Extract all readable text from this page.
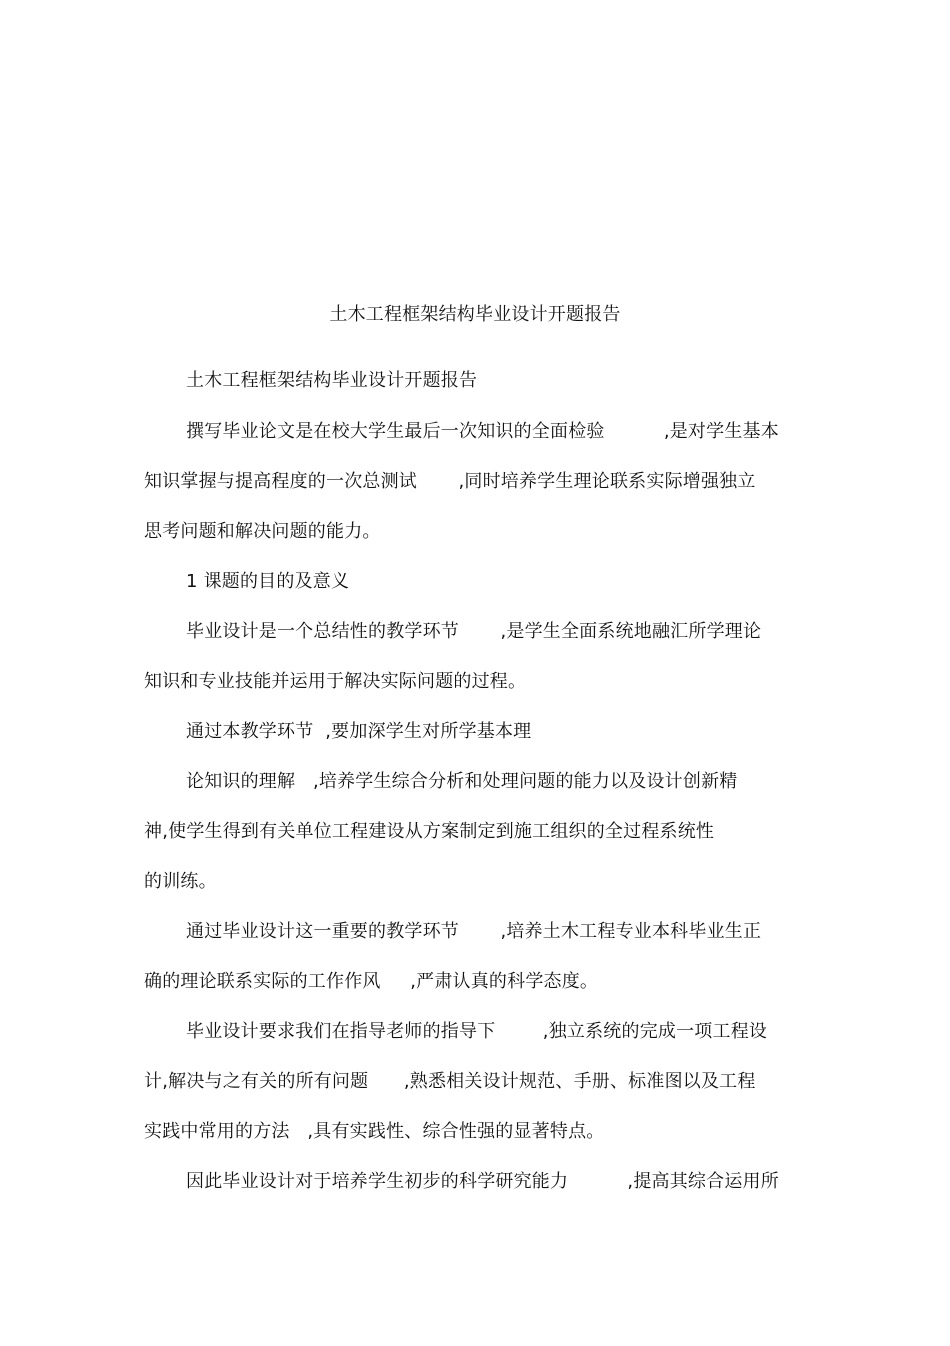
土木工程框架结构毕业设计开题报告
土木工程框架结构毕业设计开题报告
撰写毕业论文是在校大学生最后一次知识的全面检验          ,是对学生基本
知识掌握与提高程度的一次总测试       ,同时培养学生理论联系实际增强独立
思考问题和解决问题的能力。
1 课题的目的及意义
毕业设计是一个总结性的教学环节       ,是学生全面系统地融汇所学理论
知识和专业技能并运用于解决实际问题的过程。
通过本教学环节  ,要加深学生对所学基本理
论知识的理解   ,培养学生综合分析和处理问题的能力以及设计创新精
神,使学生得到有关单位工程建设从方案制定到施工组织的全过程系统性
的训练。
通过毕业设计这一重要的教学环节       ,培养土木工程专业本科毕业生正
确的理论联系实际的工作作风     ,严肃认真的科学态度。
毕业设计要求我们在指导老师的指导下        ,独立系统的完成一项工程设
计,解决与之有关的所有问题      ,熟悉相关设计规范、手册、标准图以及工程
实践中常用的方法   ,具有实践性、综合性强的显著特点。
因此毕业设计对于培养学生初步的科学研究能力          ,提高其综合运用所
